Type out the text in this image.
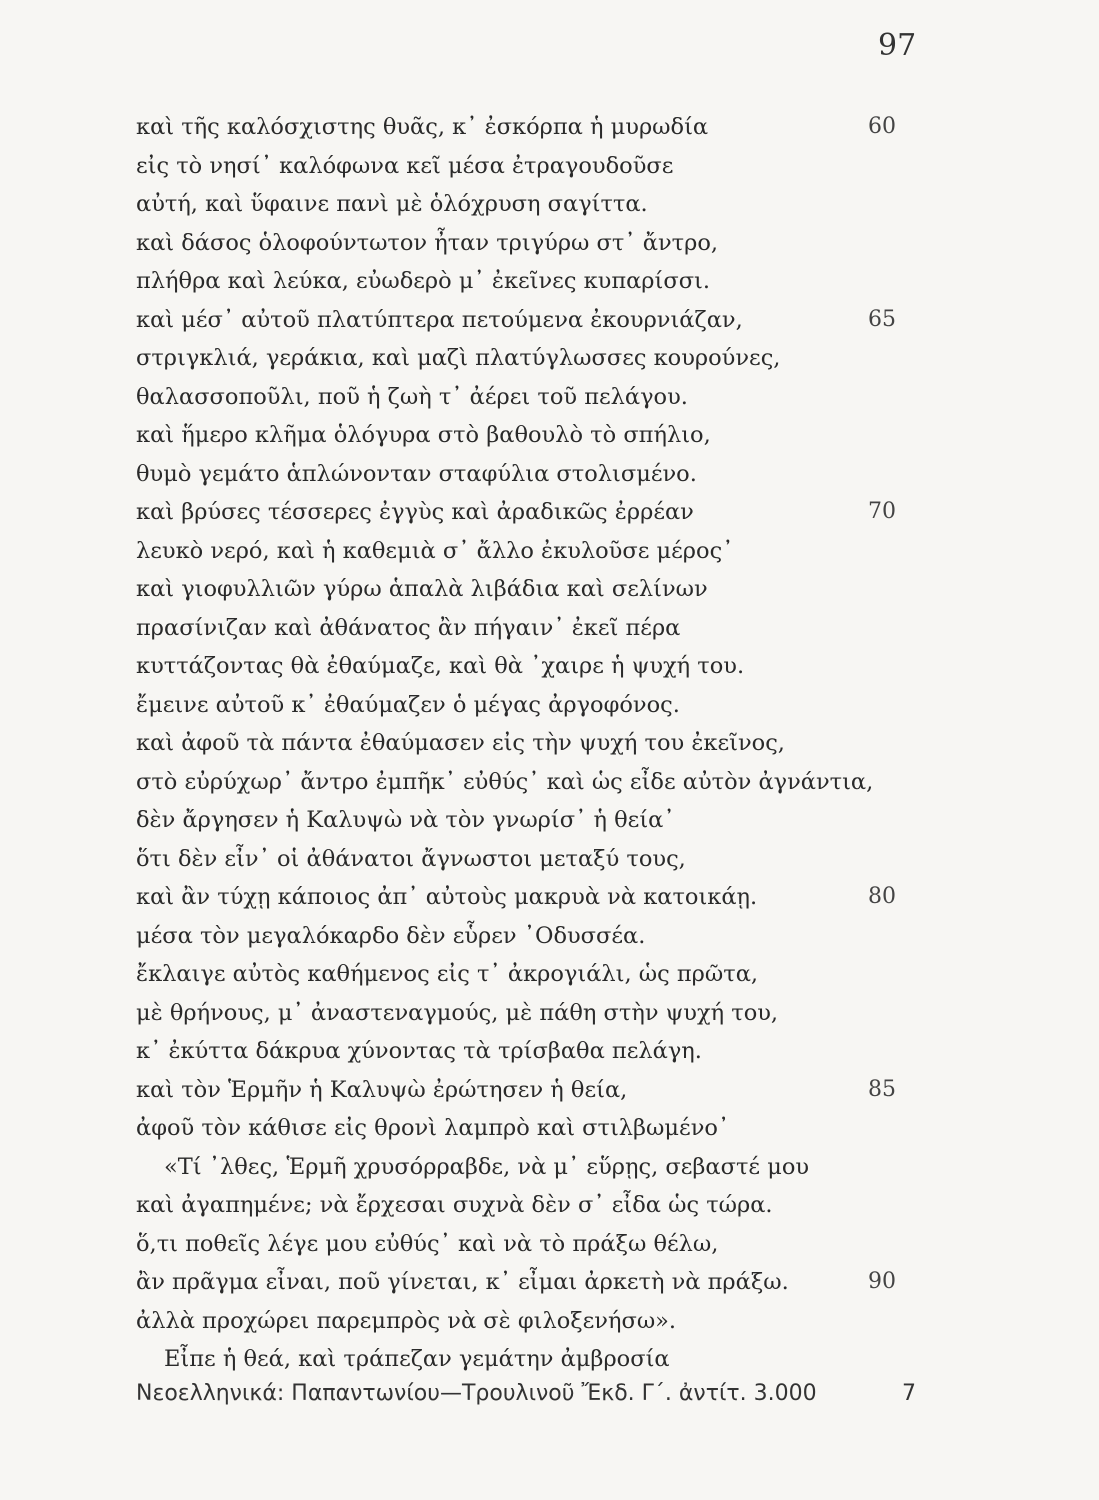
97
καὶ τῆς καλόσχιστης θυᾶς, κ᾽ ἐσκόρπα ἡ μυρωδία	60
εἰς τὸ νησί᾽ καλόφωνα κεῖ μέσα ἐτραγουδοῦσε
αὐτή, καὶ ὕφαινε πανὶ μὲ ὁλόχρυση σαγίττα.
καὶ δάσος ὁλοφούντωτον ἦταν τριγύρω στ᾽ ἄντρο,
πλήθρα καὶ λεύκα, εὐωδερὸ μ᾽ ἐκεῖνες κυπαρίσσι.
καὶ μέσ᾽ αὐτοῦ πλατύπτερα πετούμενα ἐκουρνιάζαν,	65
στριγκλιά, γεράκια, καὶ μαζὶ πλατύγλωσσες κουρούνες,
θαλασσοποῦλι, ποῦ ἡ ζωὴ τ᾽ ἀέρει τοῦ πελάγου.
καὶ ἥμερο κλῆμα ὁλόγυρα στὸ βαθουλὸ τὸ σπήλιο,
θυμὸ γεμάτο ἁπλώνονταν σταφύλια στολισμένο.
καὶ βρύσες τέσσερες ἐγγὺς καὶ ἀραδικῶς ἐρρέαν	70
λευκὸ νερό, καὶ ἡ καθεμιὰ σ᾽ ἄλλο ἐκυλοῦσε μέρος᾽
καὶ γιοφυλλιῶν γύρω ἁπαλὰ λιβάδια καὶ σελίνων
πρασίνιζαν καὶ ἀθάνατος ἂν πήγαιν᾽ ἐκεῖ πέρα
κυττάζοντας θὰ ἐθαύμαζε, καὶ θὰ ᾽χαιρε ἡ ψυχή του.
ἔμεινε αὐτοῦ κ᾽ ἐθαύμαζεν ὁ μέγας ἀργοφόνος.
καὶ ἀφοῦ τὰ πάντα ἐθαύμασεν εἰς τὴν ψυχή του ἐκεῖνος,
στὸ εὐρύχωρ᾽ ἄντρο ἐμπῆκ᾽ εὐθύς᾽ καὶ ὡς εἶδε αὐτὸν ἀγνάντια,
δὲν ἄργησεν ἡ Καλυψὼ νὰ τὸν γνωρίσ᾽ ἡ θεία᾽
ὅτι δὲν εἶν᾽ οἱ ἀθάνατοι ἄγνωστοι μεταξύ τους,
καὶ ἂν τύχῃ κάποιος ἀπ᾽ αὐτοὺς μακρυὰ νὰ κατοικάῃ.	80
μέσα τὸν μεγαλόκαρδο δὲν εὗρεν ᾽Οδυσσέα.
ἔκλαιγε αὐτὸς καθήμενος εἰς τ᾽ ἀκρογιάλι, ὡς πρῶτα,
μὲ θρήνους, μ᾽ ἀναστεναγμούς, μὲ πάθη στὴν ψυχή του,
κ᾽ ἐκύττα δάκρυα χύνοντας τὰ τρίσβαθα πελάγη.
καὶ τὸν Ἑρμῆν ἡ Καλυψὼ ἐρώτησεν ἡ θεία,	85
ἀφοῦ τὸν κάθισε εἰς θρονὶ λαμπρὸ καὶ στιλβωμένο᾽
«Τί ᾽λθες, Ἑρμῆ χρυσόρραβδε, νὰ μ᾽ εὕρῃς, σεβαστέ μου
καὶ ἀγαπημένε; νὰ ἔρχεσαι συχνὰ δὲν σ᾽ εἶδα ὡς τώρα.
ὅ,τι ποθεῖς λέγε μου εὐθύς᾽ καὶ νὰ τὸ πράξω θέλω,
ἂν πρᾶγμα εἶναι, ποῦ γίνεται, κ᾽ εἶμαι ἀρκετὴ νὰ πράξω.	90
ἀλλὰ προχώρει παρεμπρὸς νὰ σὲ φιλοξενήσω».
Εἶπε ἡ θεά, καὶ τράπεζαν γεμάτην ἀμβροσία
Νεοελληνικά: Παπαντωνίου—Τρουλινοῦ Ἔκδ. Γ΄. ἀντίτ. 3.000	7
